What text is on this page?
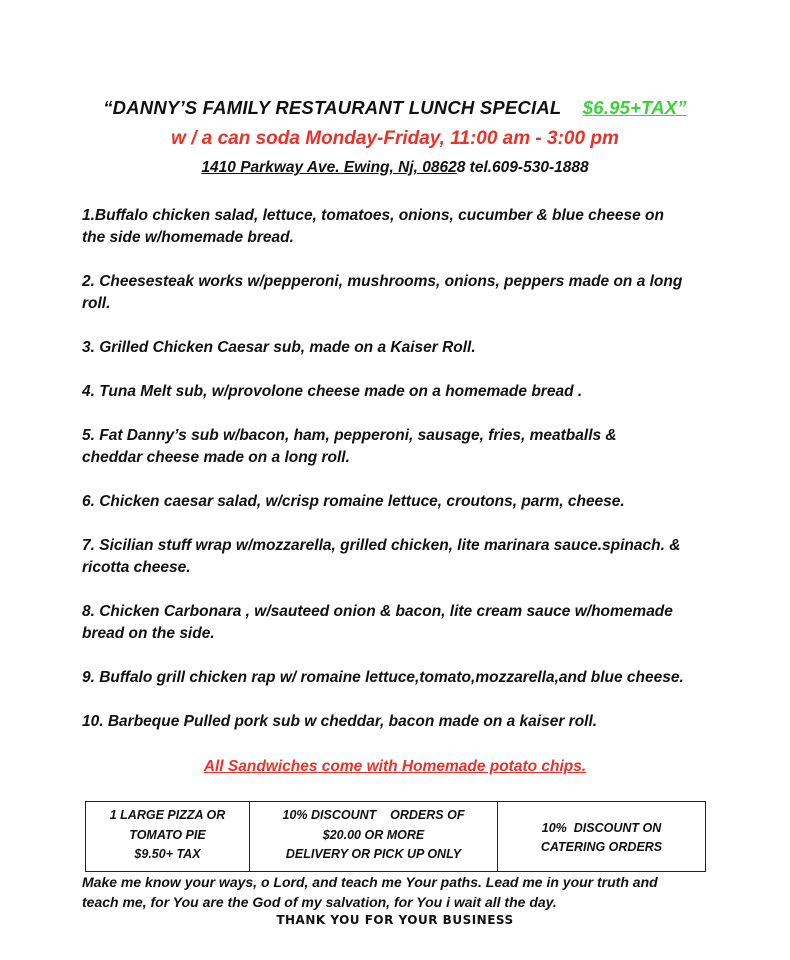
“DANNY’S FAMILY RESTAURANT LUNCH SPECIAL $6.95+TAX”
w / a can soda Monday-Friday, 11:00 am - 3:00 pm
1410 Parkway Ave. Ewing, Nj, 08628 tel.609-530-1888
1.Buffalo chicken salad, lettuce, tomatoes, onions, cucumber & blue cheese on
the side w/homemade bread.
2. Cheesesteak works w/pepperoni, mushrooms, onions, peppers made on a long
roll.
3. Grilled Chicken Caesar sub, made on a Kaiser Roll.
4. Tuna Melt sub, w/provolone cheese made on a homemade bread .
5. Fat Danny’s sub w/bacon, ham, pepperoni, sausage, fries, meatballs &
cheddar cheese made on a long roll.
6. Chicken caesar salad, w/crisp romaine lettuce, croutons, parm, cheese.
7. Sicilian stuff wrap w/mozzarella, grilled chicken, lite marinara sauce.spinach. &
ricotta cheese.
8. Chicken Carbonara , w/sauteed onion & bacon, lite cream sauce w/homemade
bread on the side.
9. Buffalo grill chicken rap w/ romaine lettuce,tomato,mozzarella,and blue cheese.
10. Barbeque Pulled pork sub w cheddar, bacon made on a kaiser roll.
All Sandwiches come with Homemade potato chips.
1 LARGE PIZZA OR
TOMATO PIE
$9.50+ TAX

10% DISCOUNT    ORDERS OF
$20.00 OR MORE
DELIVERY OR PICK UP ONLY

10%  DISCOUNT ON
CATERING ORDERS
Make me know your ways, o Lord, and teach me Your paths. Lead me in your truth and
teach me, for You are the God of my salvation, for You i wait all the day.
THANK YOU FOR YOUR BUSINESS
